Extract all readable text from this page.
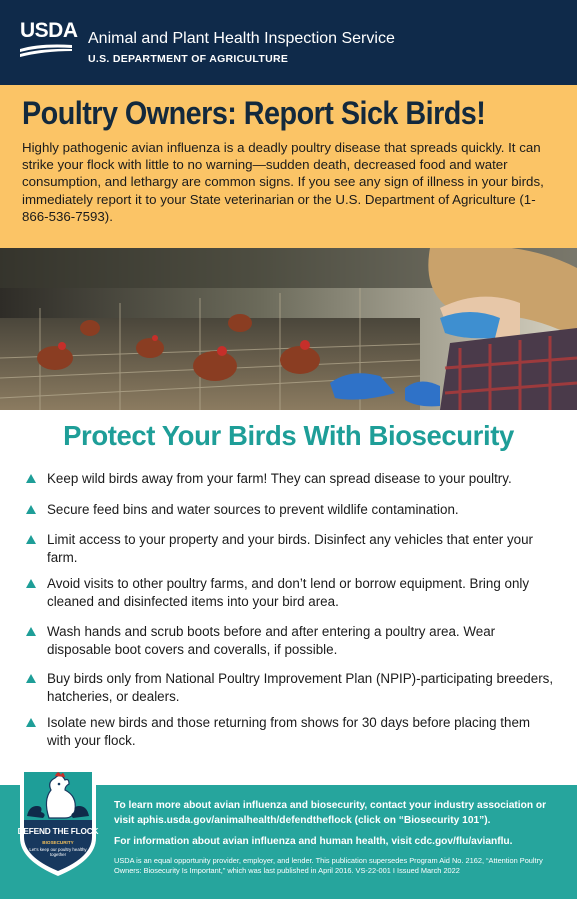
USDA Animal and Plant Health Inspection Service
U.S. DEPARTMENT OF AGRICULTURE
Poultry Owners: Report Sick Birds!

Highly pathogenic avian influenza is a deadly poultry disease that spreads quickly. It can strike your flock with little to no warning—sudden death, decreased food and water consumption, and lethargy are common signs. If you see any sign of illness in your birds, immediately report it to your State veterinarian or the U.S. Department of Agriculture (1-866-536-7593).

Protect Your Birds With Biosecurity
Keep wild birds away from your farm! They can spread disease to your poultry.
Secure feed bins and water sources to prevent wildlife contamination.
Limit access to your property and your birds. Disinfect any vehicles that enter your farm.
Avoid visits to other poultry farms, and don’t lend or borrow equipment. Bring only cleaned and disinfected items into your bird area.
Wash hands and scrub boots before and after entering a poultry area. Wear disposable boot covers and coveralls, if possible.
Buy birds only from National Poultry Improvement Plan (NPIP)-participating breeders, hatcheries, or dealers.
Isolate new birds and those returning from shows for 30 days before placing them with your flock.
To learn more about avian influenza and biosecurity, contact your industry association or visit aphis.usda.gov/animalhealth/defendtheflock (click on “Biosecurity 101”).
For information about avian influenza and human health, visit cdc.gov/flu/avianflu.
USDA is an equal opportunity provider, employer, and lender. This publication supersedes Program Aid No. 2162, “Attention Poultry Owners: Biosecurity Is Important,” which was last published in April 2016. VS-22-001 I Issued March 2022
DEFEND THE FLOCK
BIOSECURITY
Let's keep our poultry healthy together
